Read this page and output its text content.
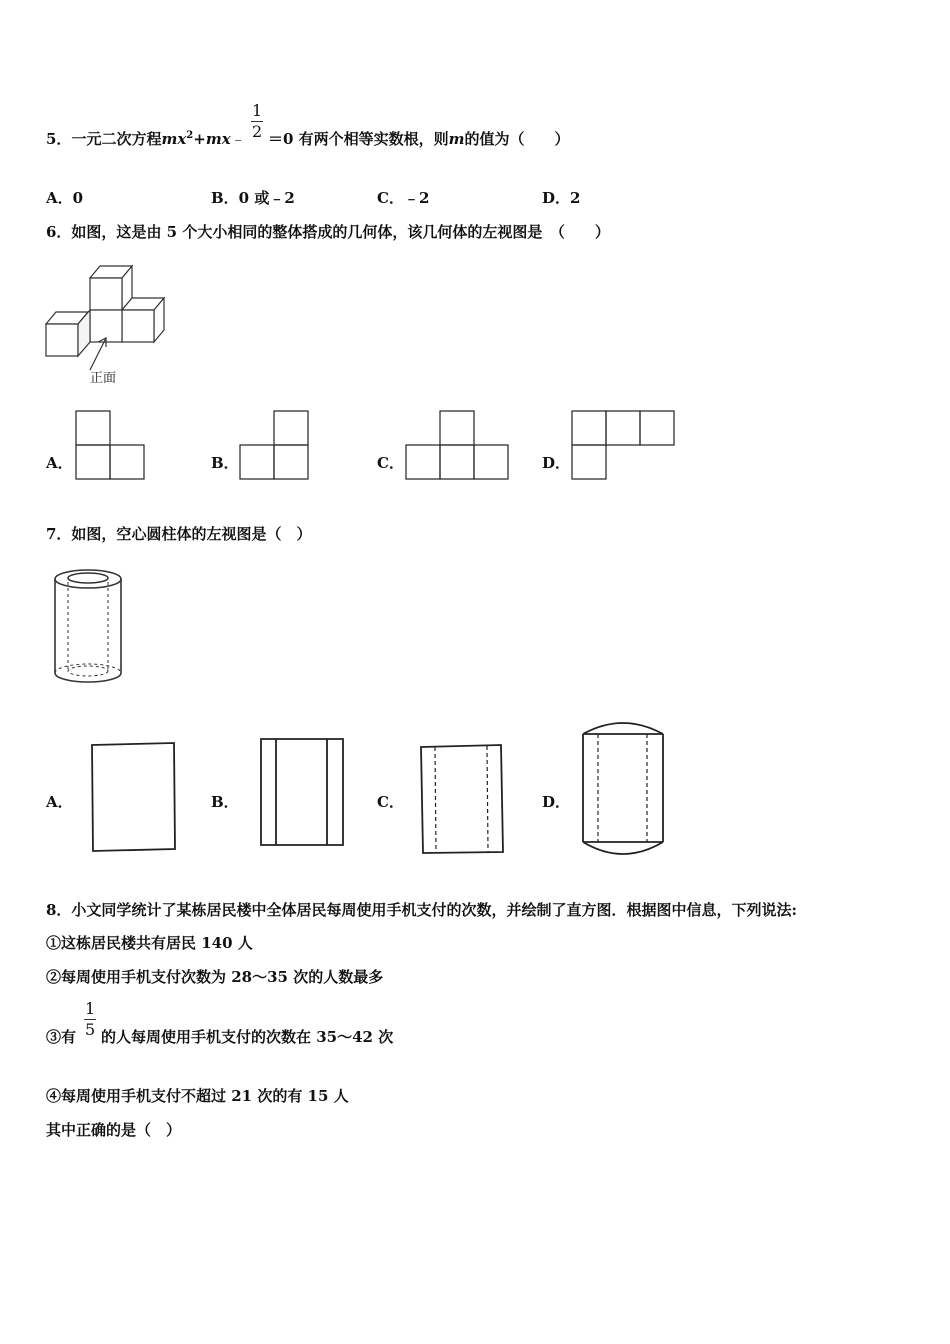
5．一元二次方程$mx^2+mx﹣$
1
2 ＝0 有两个相等实数根，则m的值为（　　）
A．0	B．0 或﹣2	C．﹣2	D．2
6．如图，这是由 5 个大小相同的整体搭成的几何体，该几何体的左视图是　（　　）
正面
A．	B．	C．	D．
7．如图，空心圆柱体的左视图是（　）
A．	B．	C．	D．
8．小文同学统计了某栋居民楼中全体居民每周使用手机支付的次数，并绘制了直方图．根据图中信息，下列说法:
①这栋居民楼共有居民 140 人
②每周使用手机支付次数为 28～35 次的人数最多
③有
1
5 的人每周使用手机支付的次数在 35～42 次
④每周使用手机支付不超过 21 次的有 15 人
其中正确的是（　）
